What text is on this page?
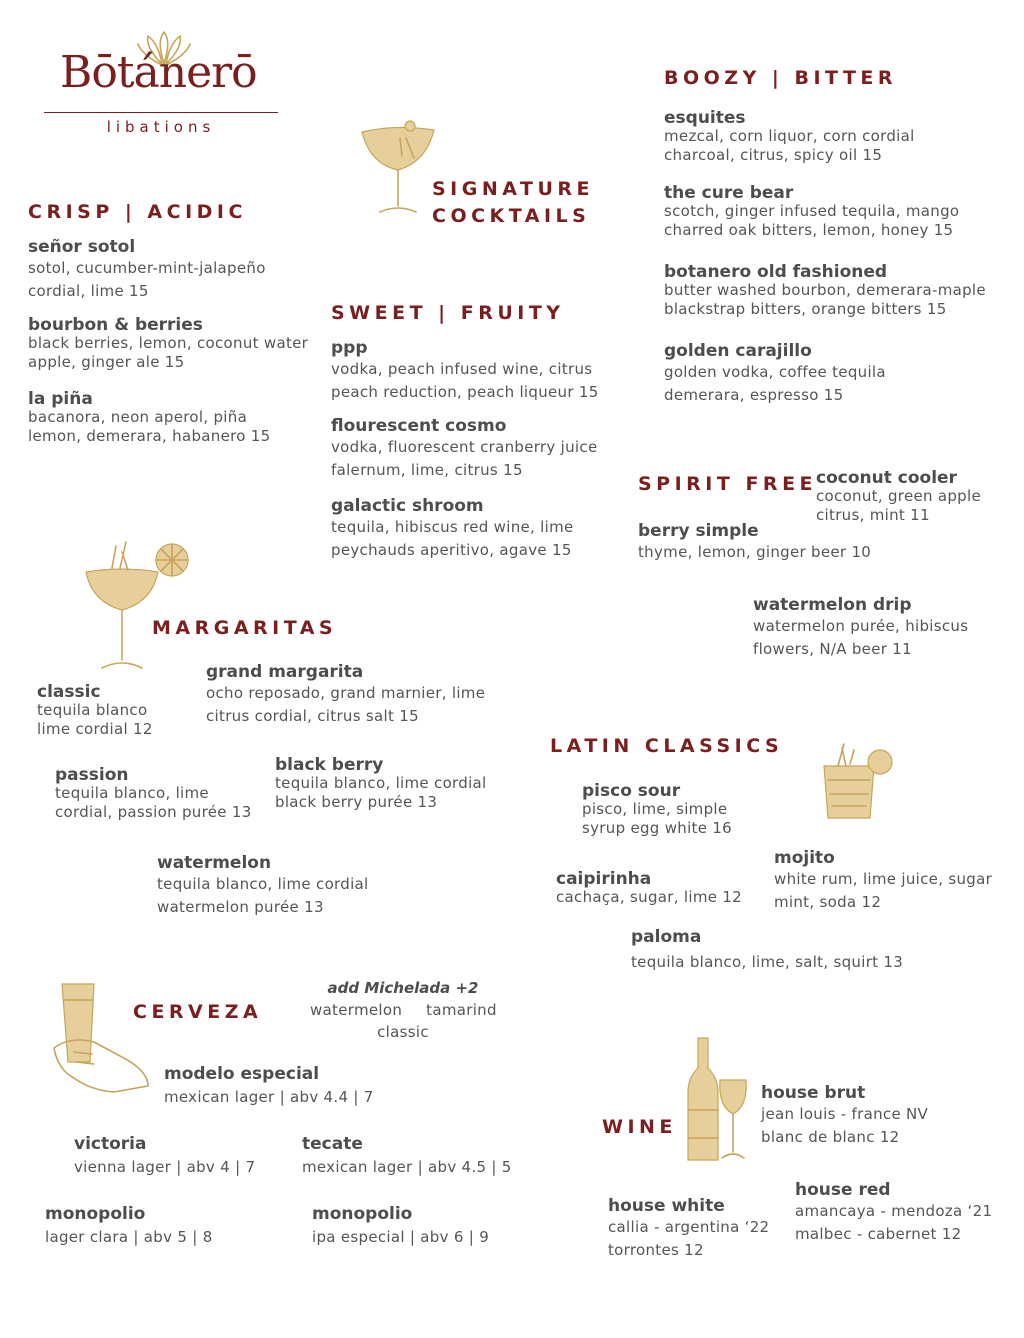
Bōtánerō
libations
SIGNATURE
COCKTAILS
CRISP | ACIDIC
señor sotol
sotol, cucumber-mint-jalapeño
cordial, lime 15
bourbon & berries
black berries, lemon, coconut water
apple, ginger ale 15
la piña
bacanora, neon aperol, piña
lemon, demerara, habanero 15
BOOZY | BITTER
esquites
mezcal, corn liquor, corn cordial
charcoal, citrus, spicy oil 15
the cure bear
scotch, ginger infused tequila, mango
charred oak bitters, lemon, honey 15
botanero old fashioned
butter washed bourbon, demerara-maple
blackstrap bitters, orange bitters 15
golden carajillo
golden vodka, coffee tequila
demerara, espresso 15
SWEET | FRUITY
ppp
vodka, peach infused wine, citrus
peach reduction, peach liqueur 15
flourescent cosmo
vodka, fluorescent cranberry juice
falernum, lime, citrus 15
galactic shroom
tequila, hibiscus red wine, lime
peychauds aperitivo, agave 15
SPIRIT FREE
coconut cooler
coconut, green apple
citrus, mint 11
berry simple
thyme, lemon, ginger beer 10
watermelon drip
watermelon purée, hibiscus
flowers, N/A beer 11
MARGARITAS
grand margarita
ocho reposado, grand marnier, lime
citrus cordial, citrus salt 15
classic
tequila blanco
lime cordial 12
passion
tequila blanco, lime
cordial, passion purée 13
black berry
tequila blanco, lime cordial
black berry purée 13
watermelon
tequila blanco, lime cordial
watermelon purée 13
LATIN CLASSICS
pisco sour
pisco, lime, simple
syrup egg white 16
mojito
white rum, lime juice, sugar
mint, soda 12
caipirinha
cachaça, sugar, lime 12
paloma
tequila blanco, lime, salt, squirt 13
CERVEZA
add Michelada +2
watermelon tamarind
classic
modelo especial
mexican lager | abv 4.4 | 7
victoria
vienna lager | abv 4 | 7
tecate
mexican lager | abv 4.5 | 5
monopolio
lager clara | abv 5 | 8
monopolio
ipa especial | abv 6 | 9
WINE
house brut
jean louis - france NV
blanc de blanc 12
house red
amancaya - mendoza ‘21
malbec - cabernet 12
house white
callia - argentina ‘22
torrontes 12
